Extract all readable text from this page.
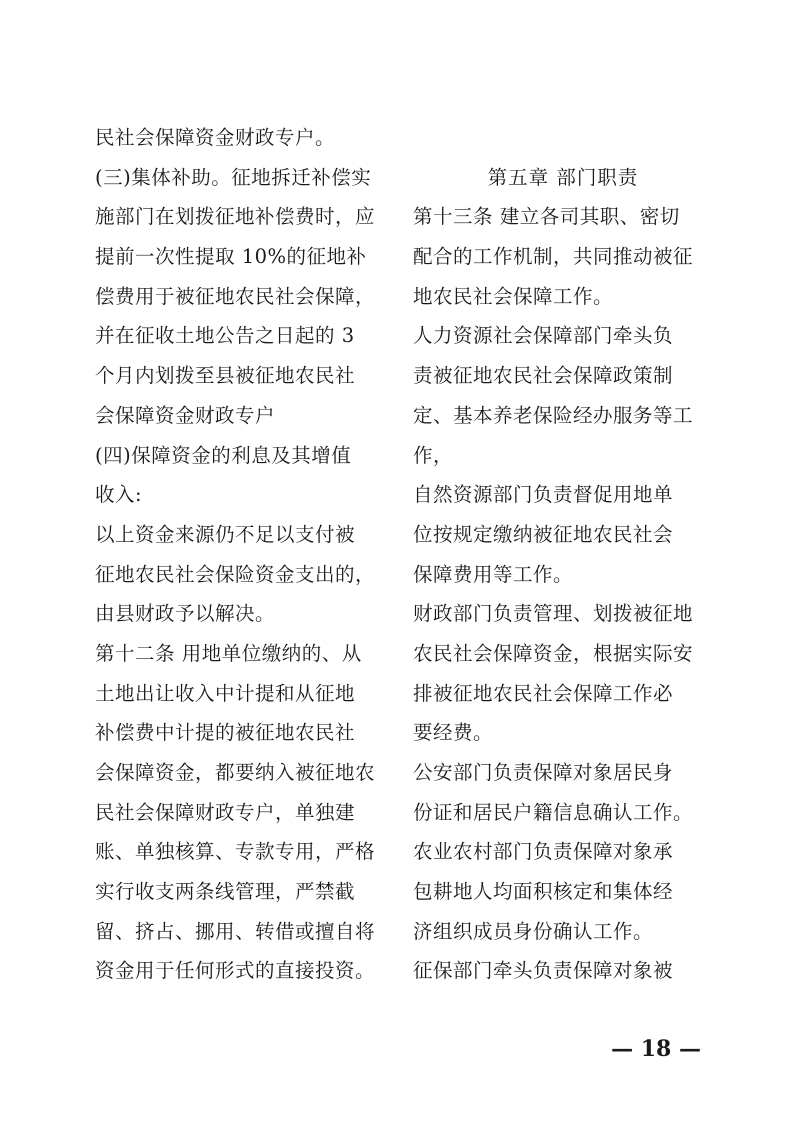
民社会保障资金财政专户。
(三)集体补助。征地拆迁补偿实
施部门在划拨征地补偿费时，应
提前一次性提取 10%的征地补
偿费用于被征地农民社会保障，
并在征收土地公告之日起的 3
个月内划拨至县被征地农民社
会保障资金财政专户
(四)保障资金的利息及其增值
收入:
以上资金来源仍不足以支付被
征地农民社会保险资金支出的，
由县财政予以解决。
第十二条 用地单位缴纳的、从
土地出让收入中计提和从征地
补偿费中计提的被征地农民社
会保障资金，都要纳入被征地农
民社会保障财政专户，单独建
账、单独核算、专款专用，严格
实行收支两条线管理，严禁截
留、挤占、挪用、转借或擅自将
资金用于任何形式的直接投资。
第五章 部门职责
第十三条 建立各司其职、密切
配合的工作机制，共同推动被征
地农民社会保障工作。
人力资源社会保障部门牵头负
责被征地农民社会保障政策制
定、基本养老保险经办服务等工
作，
自然资源部门负责督促用地单
位按规定缴纳被征地农民社会
保障费用等工作。
财政部门负责管理、划拨被征地
农民社会保障资金，根据实际安
排被征地农民社会保障工作必
要经费。
公安部门负责保障对象居民身
份证和居民户籍信息确认工作。
农业农村部门负责保障对象承
包耕地人均面积核定和集体经
济组织成员身份确认工作。
征保部门牵头负责保障对象被
— 18 —
